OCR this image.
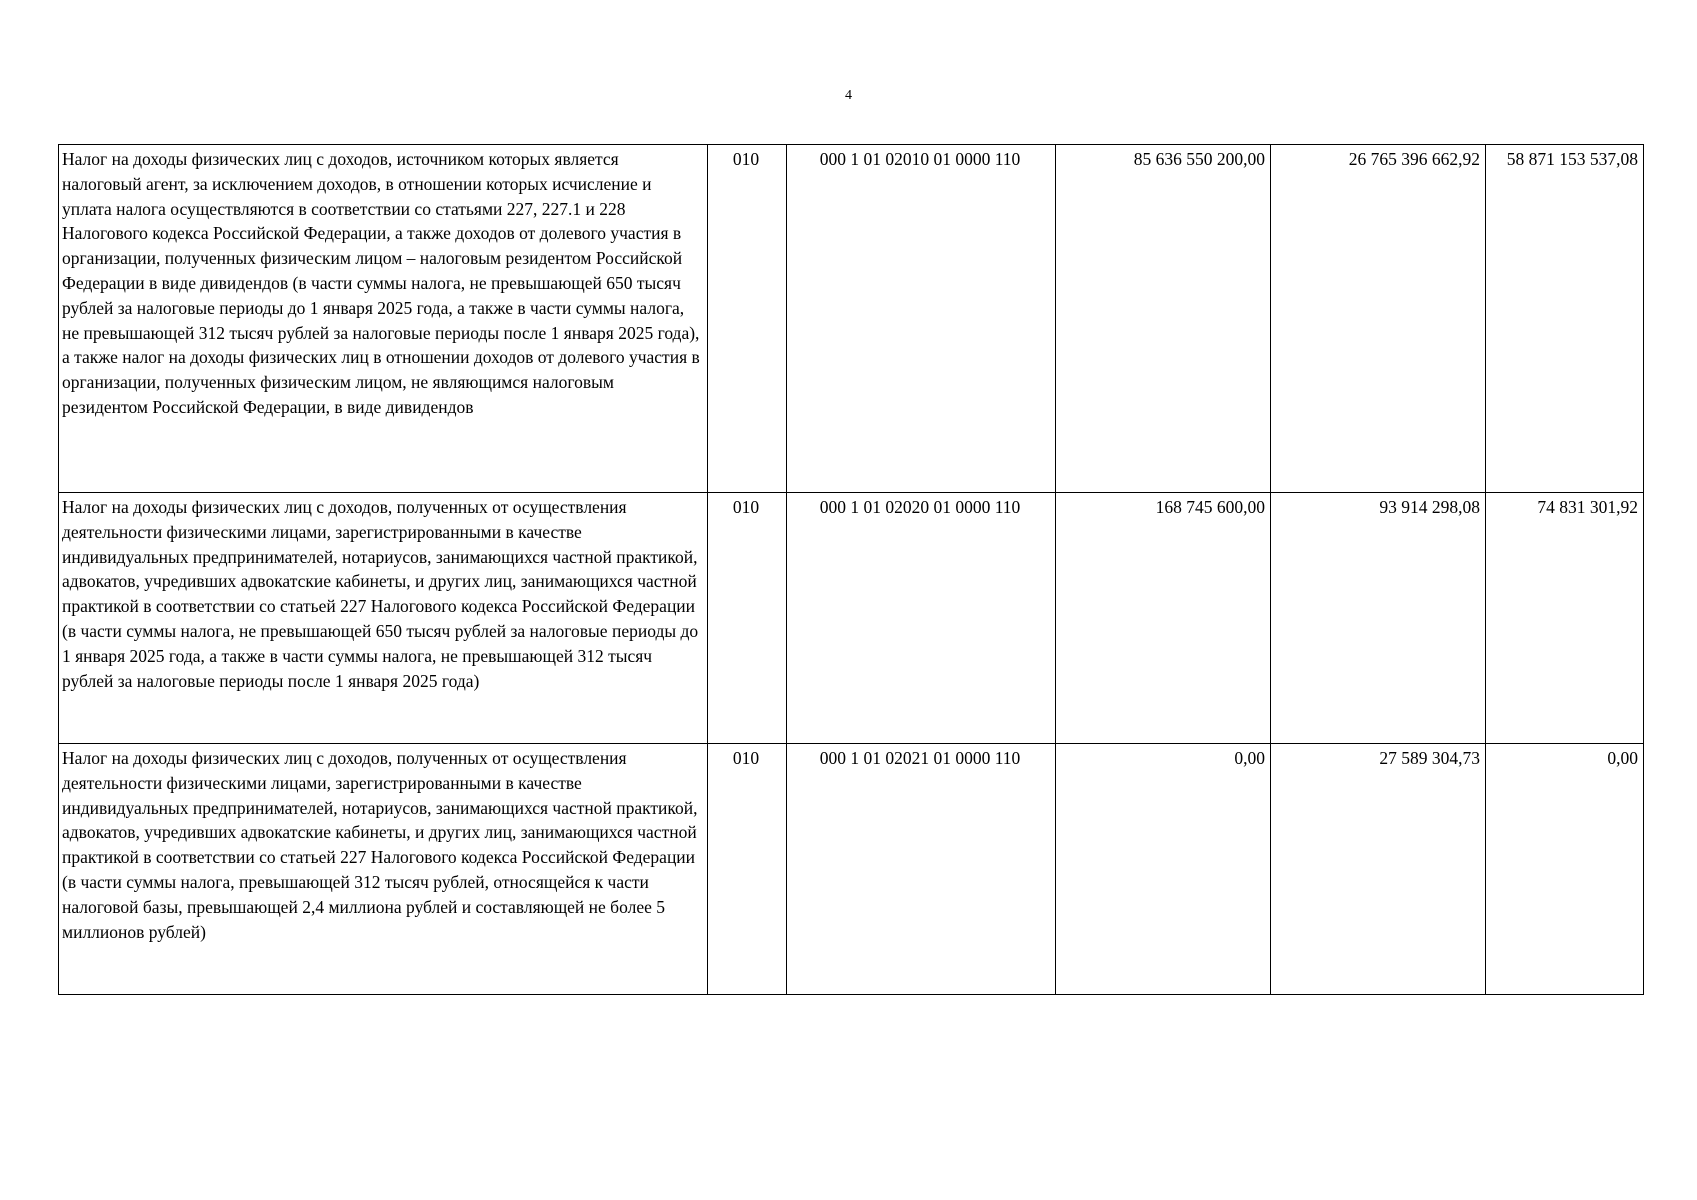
4
Налог на доходы физических лиц с доходов, источником которых является налоговый агент, за исключением доходов, в отношении которых исчисление и уплата налога осуществляются в соответствии со статьями 227, 227.1 и 228 Налогового кодекса Российской Федерации, а также доходов от долевого участия в организации, полученных физическим лицом – налоговым резидентом Российской Федерации в виде дивидендов (в части суммы налога, не превышающей 650 тысяч рублей за налоговые периоды до 1 января 2025 года, а также в части суммы налога, не превышающей 312 тысяч рублей за налоговые периоды после 1 января 2025 года), а также налог на доходы физических лиц в отношении доходов от долевого участия в организации, полученных физическим лицом, не являющимся налоговым резидентом Российской Федерации, в виде дивидендов	010	000 1 01 02010 01 0000 110	85 636 550 200,00	26 765 396 662,92	58 871 153 537,08
Налог на доходы физических лиц с доходов, полученных от осуществления деятельности физическими лицами, зарегистрированными в качестве индивидуальных предпринимателей, нотариусов, занимающихся частной практикой, адвокатов, учредивших адвокатские кабинеты, и других лиц, занимающихся частной практикой в соответствии со статьей 227 Налогового кодекса Российской Федерации (в части суммы налога, не превышающей 650 тысяч рублей за налоговые периоды до 1 января 2025 года, а также в части суммы налога, не превышающей 312 тысяч рублей за налоговые периоды после 1 января 2025 года)	010	000 1 01 02020 01 0000 110	168 745 600,00	93 914 298,08	74 831 301,92
Налог на доходы физических лиц с доходов, полученных от осуществления деятельности физическими лицами, зарегистрированными в качестве индивидуальных предпринимателей, нотариусов, занимающихся частной практикой, адвокатов, учредивших адвокатские кабинеты, и других лиц, занимающихся частной практикой в соответствии со статьей 227 Налогового кодекса Российской Федерации (в части суммы налога, превышающей 312 тысяч рублей, относящейся к части налоговой базы, превышающей 2,4 миллиона рублей и составляющей не более 5 миллионов рублей)	010	000 1 01 02021 01 0000 110	0,00	27 589 304,73	0,00
